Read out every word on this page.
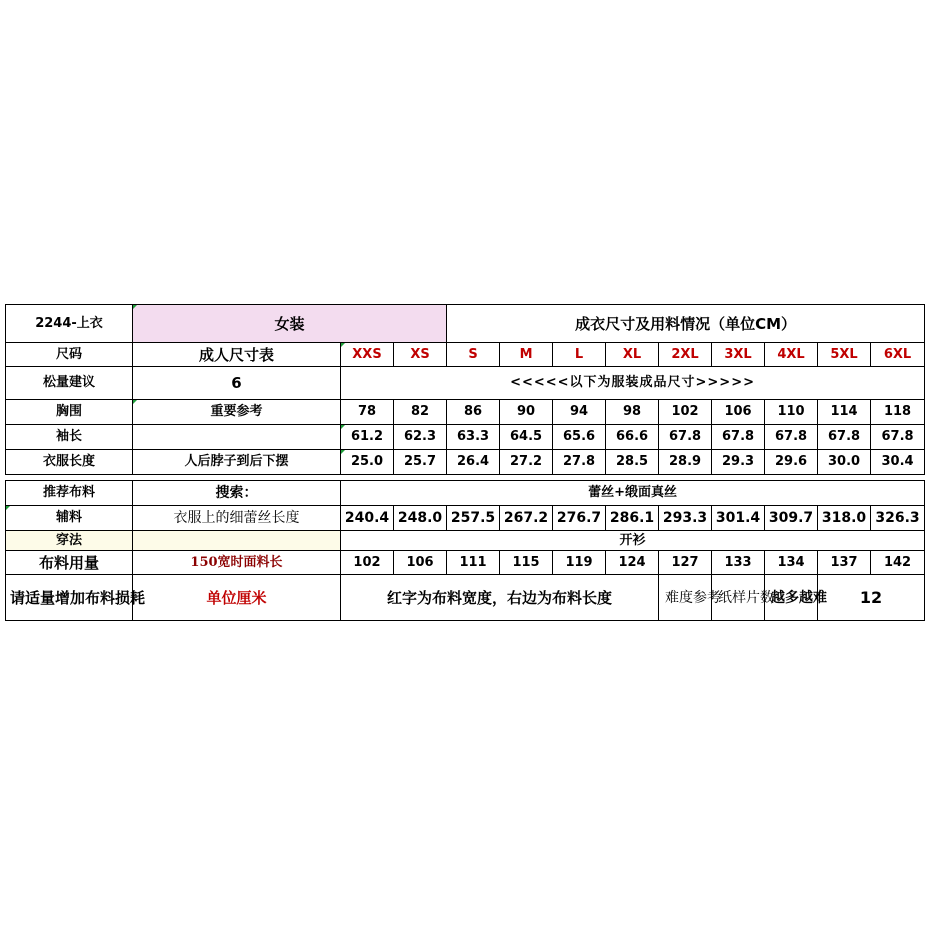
2244-上衣	女装			成衣尺寸及用料情况（单位CM）								
尺码	成人尺寸表	XXS	XS	S	M	L	XL	2XL	3XL	4XL	5XL	6XL
松量建议	6	<<<<<以下为服装成品尺寸>>>>>										
胸围	重要参考	78	82	86	90	94	98	102	106	110	114	118
袖长		61.2	62.3	63.3	64.5	65.6	66.6	67.8	67.8	67.8	67.8	67.8
衣服长度	人后脖子到后下摆	25.0	25.7	26.4	27.2	27.8	28.5	28.9	29.3	29.6	30.0	30.4

推荐布料	搜索：	蕾丝+缎面真丝										
辅料	衣服上的细蕾丝长度	240.4	248.0	257.5	267.2	276.7	286.1	293.3	301.4	309.7	318.0	326.3
穿法		开衫										
布料用量	150宽时面料长	102	106	111	115	119	124	127	133	134	137	142
请适量增加布料损耗	单位厘米	红字为布料宽度，右边为布料长度						难度参考	纸样片数	越多越难	12	
